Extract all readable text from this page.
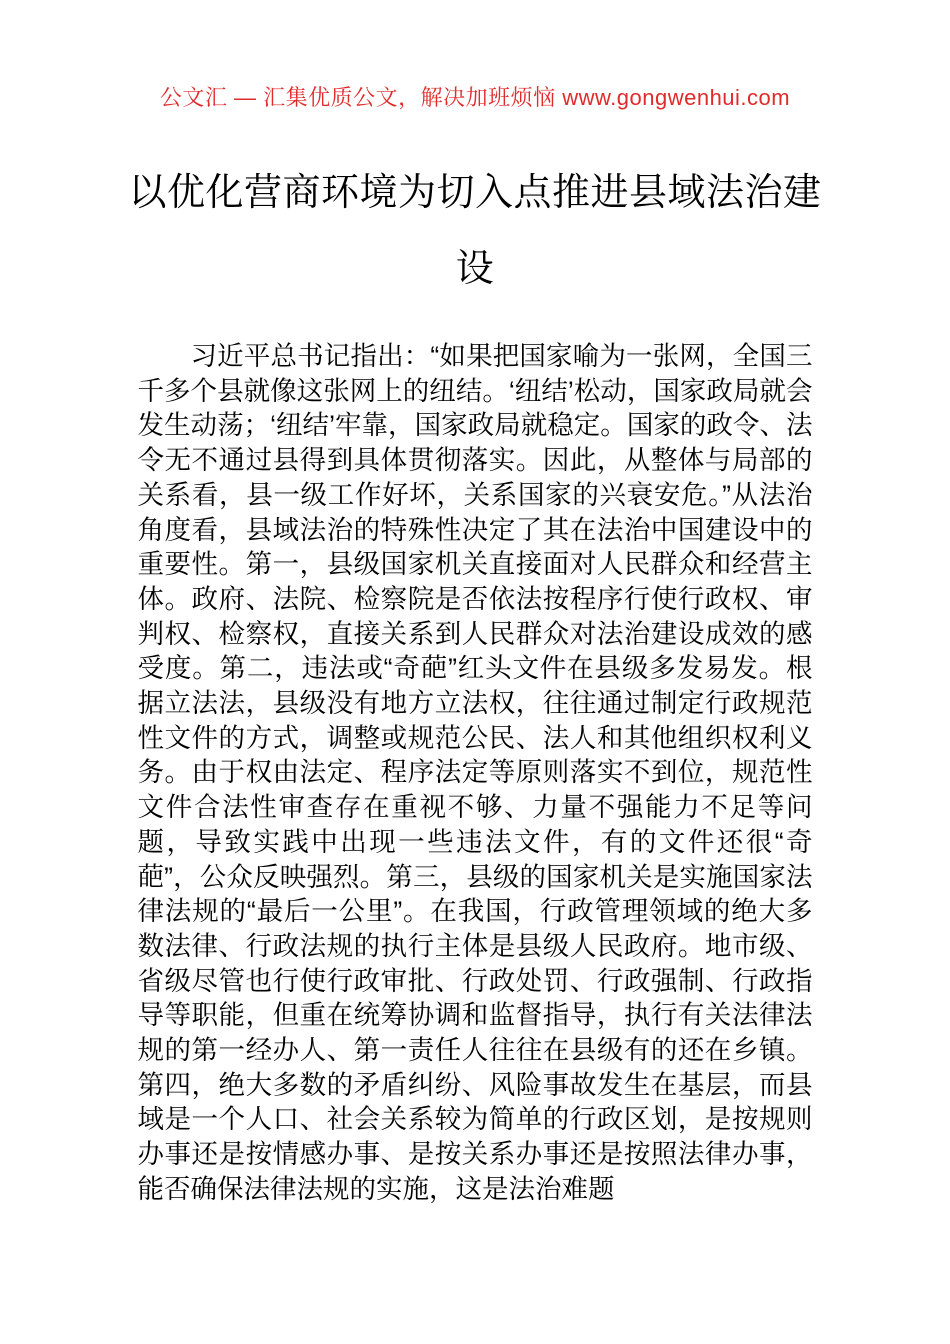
公文汇 — 汇集优质公文，解决加班烦恼 www.gongwenhui.com
以优化营商环境为切入点推进县域法治建设

习近平总书记指出：“如果把国家喻为一张网，全国三千多个县就像这张网上的纽结。‘纽结’松动，国家政局就会发生动荡；‘纽结’牢靠，国家政局就稳定。国家的政令、法令无不通过县得到具体贯彻落实。因此，从整体与局部的关系看，县一级工作好坏，关系国家的兴衰安危。”从法治角度看，县域法治的特殊性决定了其在法治中国建设中的重要性。第一，县级国家机关直接面对人民群众和经营主体。政府、法院、检察院是否依法按程序行使行政权、审判权、检察权，直接关系到人民群众对法治建设成效的感受度。第二，违法或“奇葩”红头文件在县级多发易发。根据立法法，县级没有地方立法权，往往通过制定行政规范性文件的方式，调整或规范公民、法人和其他组织权利义务。由于权由法定、程序法定等原则落实不到位，规范性文件合法性审查存在重视不够、力量不强能力不足等问题，导致实践中出现一些违法文件，有的文件还很“奇葩”，公众反映强烈。第三，县级的国家机关是实施国家法律法规的“最后一公里”。在我国，行政管理领域的绝大多数法律、行政法规的执行主体是县级人民政府。地市级、省级尽管也行使行政审批、行政处罚、行政强制、行政指导等职能，但重在统筹协调和监督指导，执行有关法律法规的第一经办人、第一责任人往往在县级有的还在乡镇。第四，绝大多数的矛盾纠纷、风险事故发生在基层，而县域是一个人口、社会关系较为简单的行政区划，是按规则办事还是按情感办事、是按关系办事还是按照法律办事，能否确保法律法规的实施，这是法治难题
